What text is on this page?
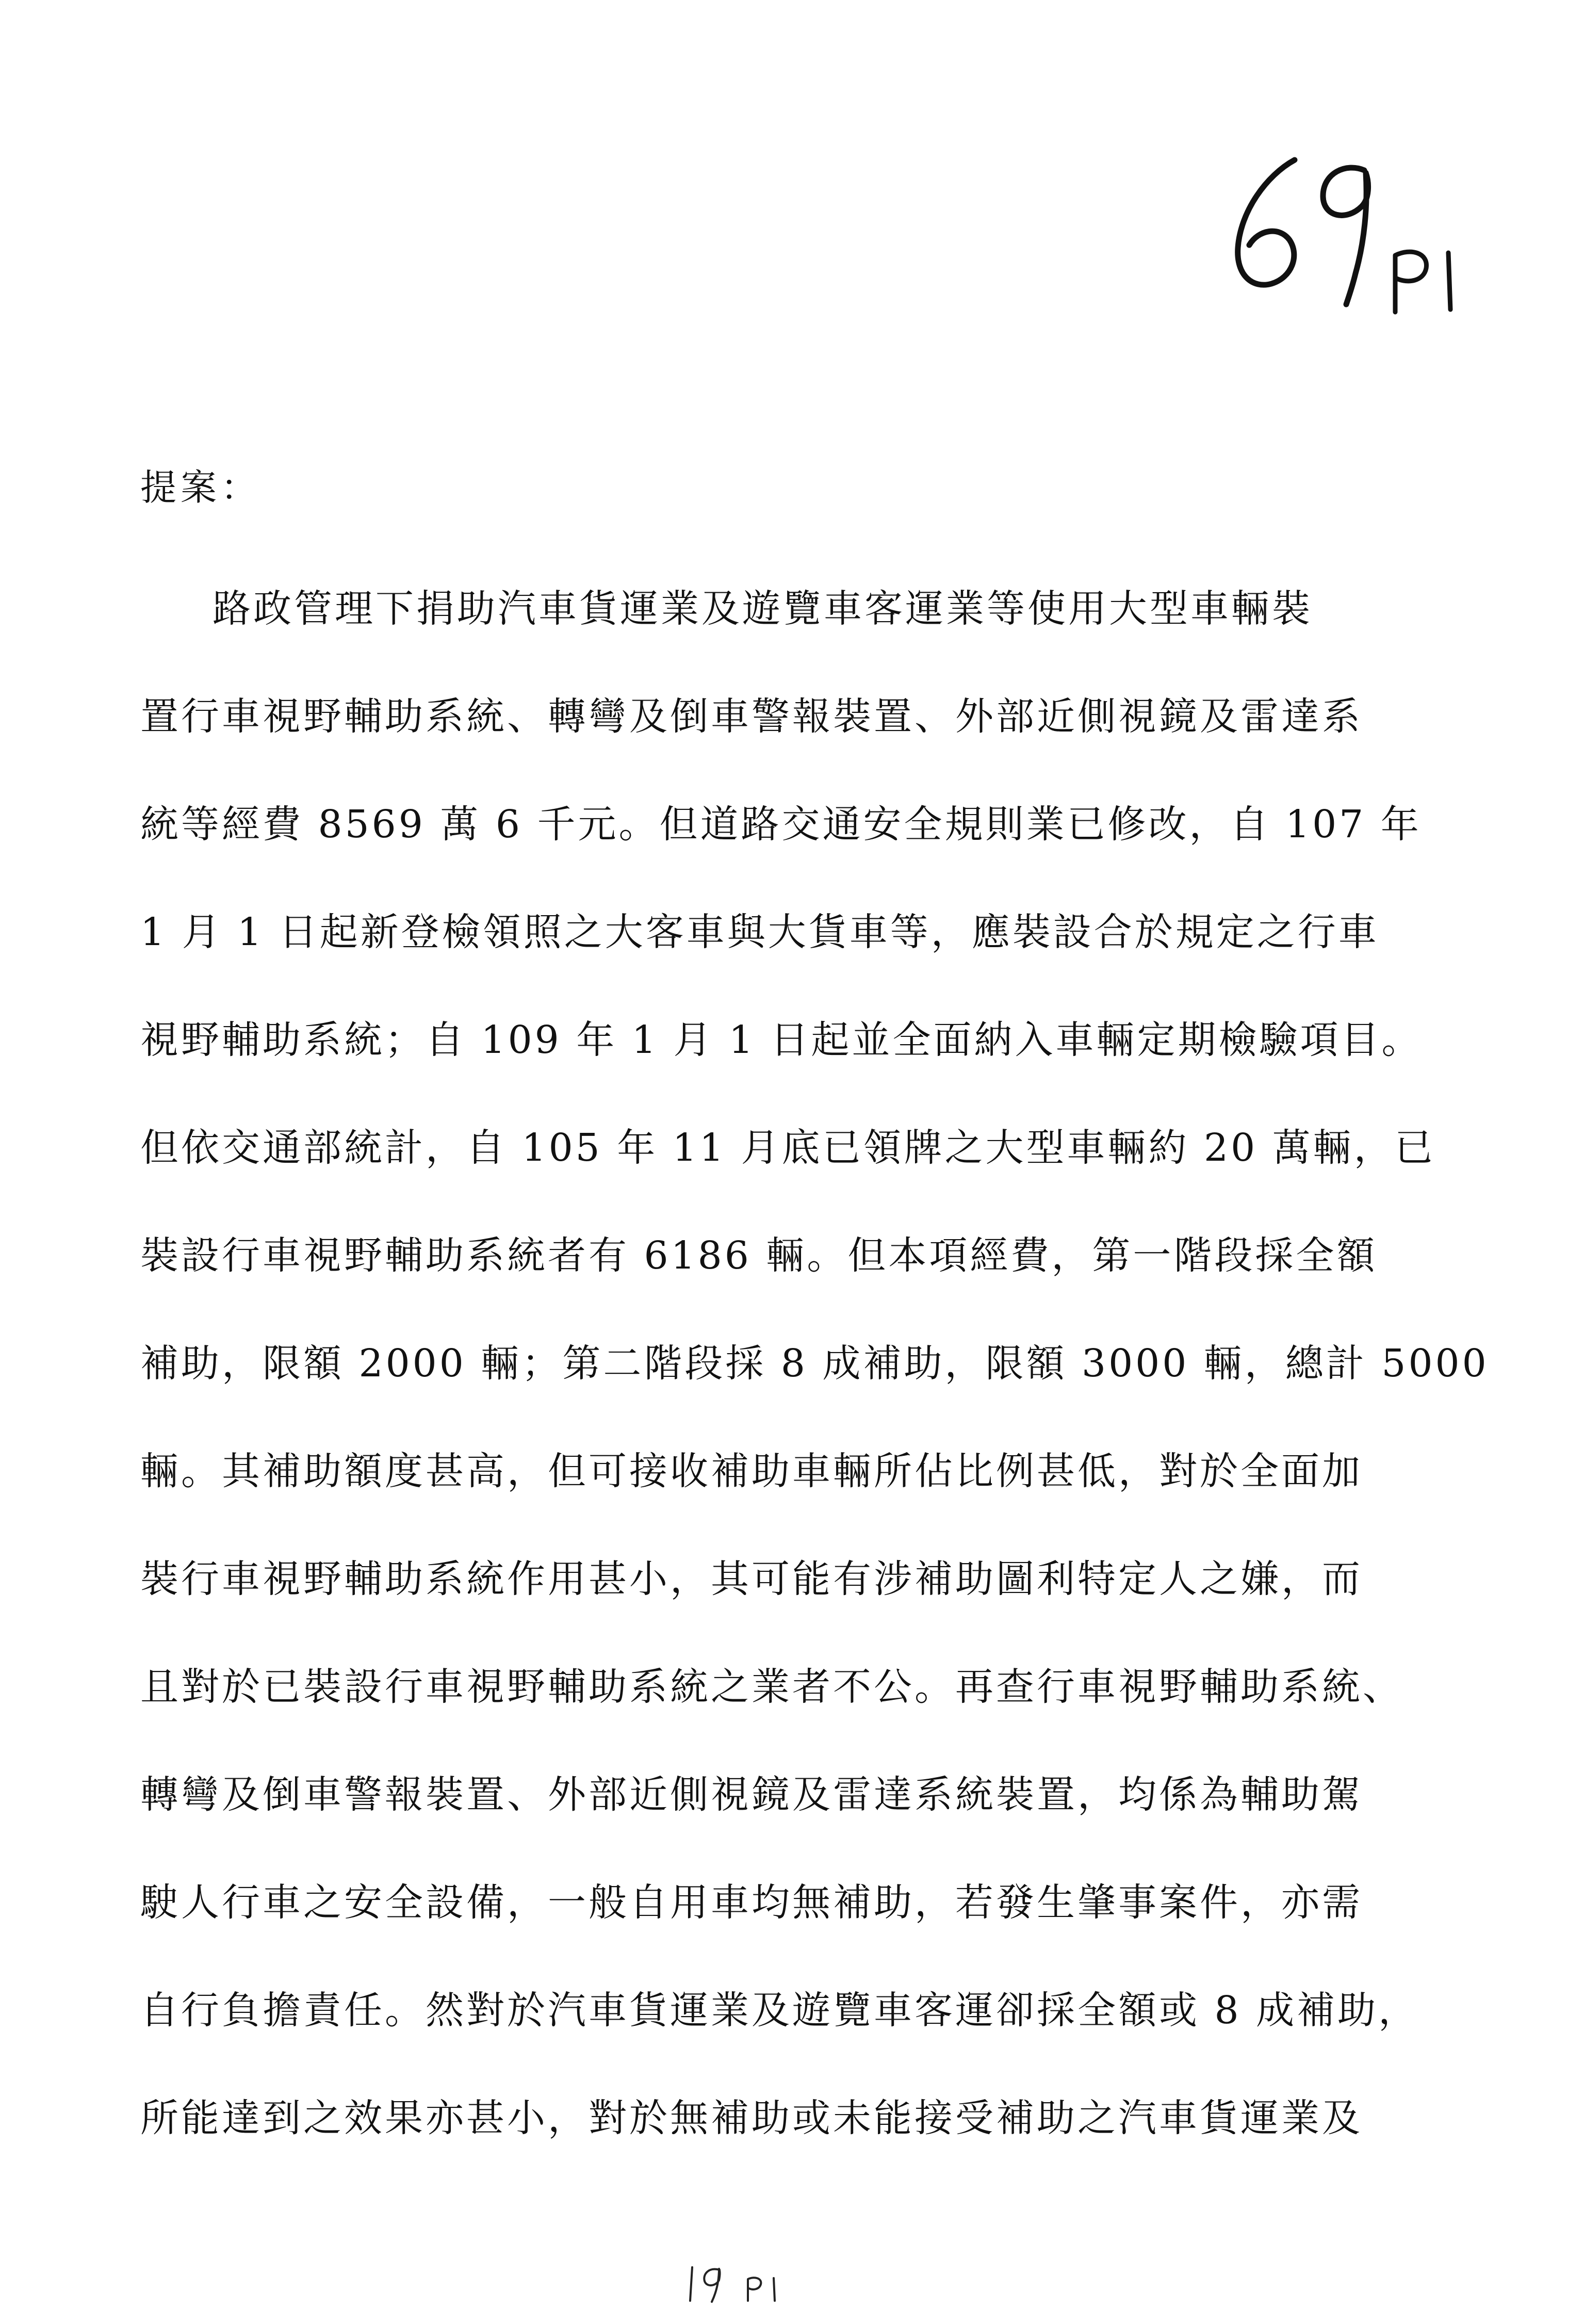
提案：
路政管理下捐助汽車貨運業及遊覽車客運業等使用大型車輛裝
置行車視野輔助系統、轉彎及倒車警報裝置、外部近側視鏡及雷達系
統等經費 8569 萬 6 千元。但道路交通安全規則業已修改，自 107 年
1 月 1 日起新登檢領照之大客車與大貨車等，應裝設合於規定之行車
視野輔助系統；自 109 年 1 月 1 日起並全面納入車輛定期檢驗項目。
但依交通部統計，自 105 年 11 月底已領牌之大型車輛約 20 萬輛，已
裝設行車視野輔助系統者有 6186 輛。但本項經費，第一階段採全額
補助，限額 2000 輛；第二階段採 8 成補助，限額 3000 輛，總計 5000
輛。其補助額度甚高，但可接收補助車輛所佔比例甚低，對於全面加
裝行車視野輔助系統作用甚小，其可能有涉補助圖利特定人之嫌，而
且對於已裝設行車視野輔助系統之業者不公。再查行車視野輔助系統、
轉彎及倒車警報裝置、外部近側視鏡及雷達系統裝置，均係為輔助駕
駛人行車之安全設備，一般自用車均無補助，若發生肇事案件，亦需
自行負擔責任。然對於汽車貨運業及遊覽車客運卻採全額或 8 成補助，
所能達到之效果亦甚小，對於無補助或未能接受補助之汽車貨運業及
